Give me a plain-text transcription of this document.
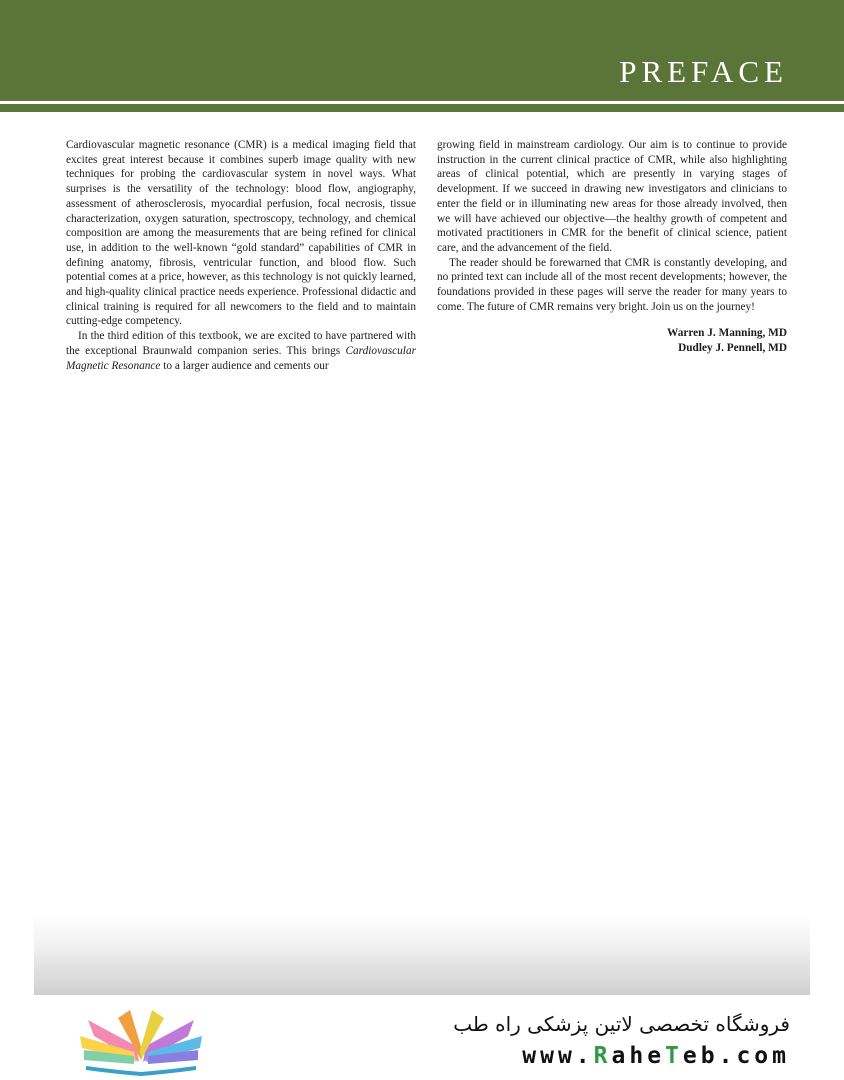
PREFACE

Cardiovascular magnetic resonance (CMR) is a medical imaging field that excites great interest because it combines superb image quality with new techniques for probing the cardiovascular system in novel ways. What surprises is the versatility of the technology: blood flow, angiography, assessment of atherosclerosis, myocardial perfusion, focal necrosis, tissue characterization, oxygen saturation, spectroscopy, technology, and chemical composition are among the measurements that are being refined for clinical use, in addition to the well-known “gold standard” capabilities of CMR in defining anatomy, fibrosis, ventricular function, and blood flow. Such potential comes at a price, however, as this technology is not quickly learned, and high-quality clinical practice needs experience. Professional didactic and clinical training is required for all newcomers to the field and to maintain cutting-edge competency.

In the third edition of this textbook, we are excited to have partnered with the exceptional Braunwald companion series. This brings Cardiovascular Magnetic Resonance to a larger audience and cements our

growing field in mainstream cardiology. Our aim is to continue to provide instruction in the current clinical practice of CMR, while also highlighting areas of clinical potential, which are presently in varying stages of development. If we succeed in drawing new investigators and clinicians to enter the field or in illuminating new areas for those already involved, then we will have achieved our objective—the healthy growth of competent and motivated practitioners in CMR for the benefit of clinical science, patient care, and the advancement of the field.

The reader should be forewarned that CMR is constantly developing, and no printed text can include all of the most recent developments; however, the foundations provided in these pages will serve the reader for many years to come. The future of CMR remains very bright. Join us on the journey!

Warren J. Manning, MD
Dudley J. Pennell, MD
فروشگاه تخصصی لاتین پزشکی راه طب
www.RaheTeb.com
